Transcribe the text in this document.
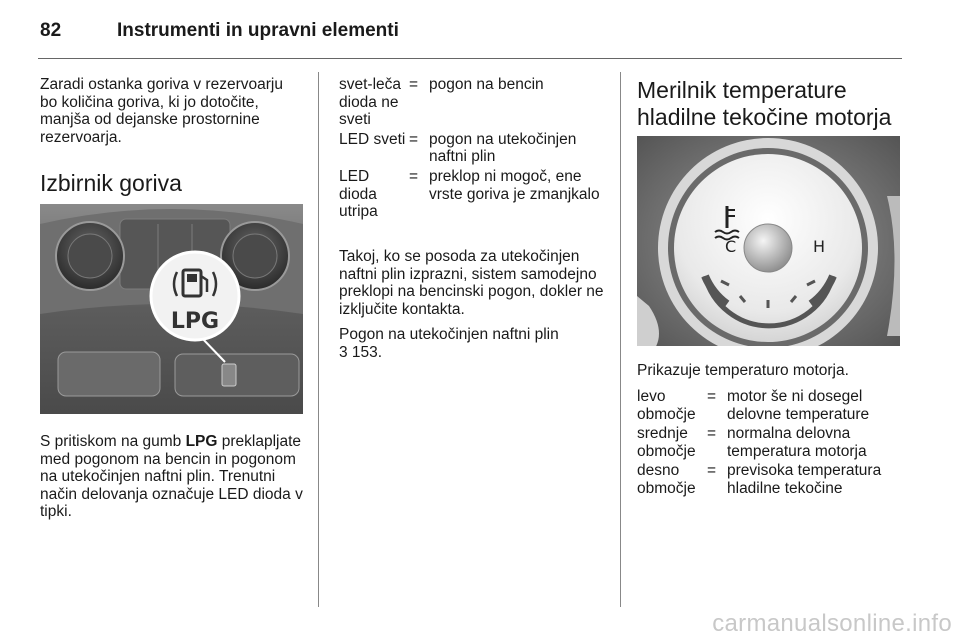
82	Instrumenti in upravni elementi
Zaradi ostanka goriva v rezervoarju bo količina goriva, ki jo dotočite, manjša od dejanske prostornine rezervoarja.
Izbirnik goriva
LPG
S pritiskom na gumb LPG preklapljate med pogonom na bencin in pogonom na utekočinjen naftni plin. Trenutni način delovanja označuje LED dioda v tipki.
svet-leča dioda ne sveti
= pogon na bencin
LED sveti = pogon na utekočinjen naftni plin
LED dioda utripa
= preklop ni mogoč, ene vrste goriva je zmanjkalo
Takoj, ko se posoda za utekočinjen naftni plin izprazni, sistem samodejno preklopi na bencinski pogon, dokler ne izključite kontakta.
Pogon na utekočinjen naftni plin
3 153.
Merilnik temperature hladilne tekočine motorja
C	H
Prikazuje temperaturo motorja.
levo območje
= motor še ni dosegel delovne temperature
srednje območje
= normalna delovna temperatura motorja
desno območje
= previsoka temperatura hladilne tekočine
carmanualsonline.info
